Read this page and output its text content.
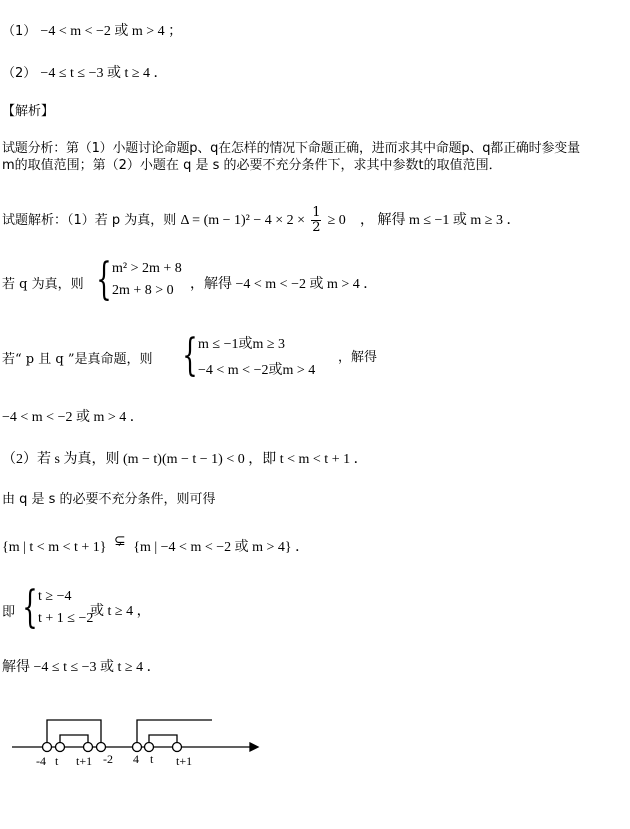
（1） −4 < m < −2 或 m > 4 ；
（2） −4 ≤ t ≤ −3 或 t ≥ 4 ．
【解析】
试题分析：第（1）小题讨论命题p、q在怎样的情况下命题正确，进而求其中命题p、q都正确时参变量
m的取值范围；第（2）小题在 q 是 s 的必要不充分条件下，求其中参数t的取值范围．
试题解析：（1）若 p 为真，则 $\Delta = (m - 1)^2 - 4 \times 2 \times \frac{1}{2} \ge 0$ ， 解得 m ≤ −1 或 m ≥ 3 ．
若 q 为真，则 { m² > 2m + 8
2m + 8 > 0	，解得 −4 < m < −2 或 m > 4 ．
若“ p 且 q ”是真命题，则 { m ≤ −1或m ≥ 3
−4 < m < −2或m > 4
，解得
−4 < m < −2 或 m > 4 ．
（2）若 s 为真，则 (m − t)(m − t − 1) < 0 ，即 t < m < t + 1 ．
由 q 是 s 的必要不充分条件，则可得
{m | t < m < t + 1} ⊊ {m | −4 < m < −2 或 m > 4} ．
即 { t ≥ −4
t + 1 ≤ −2
或 t ≥ 4 ，
解得 −4 ≤ t ≤ −3 或 t ≥ 4 ．
-4 t t+1 -2 4 t t+1
